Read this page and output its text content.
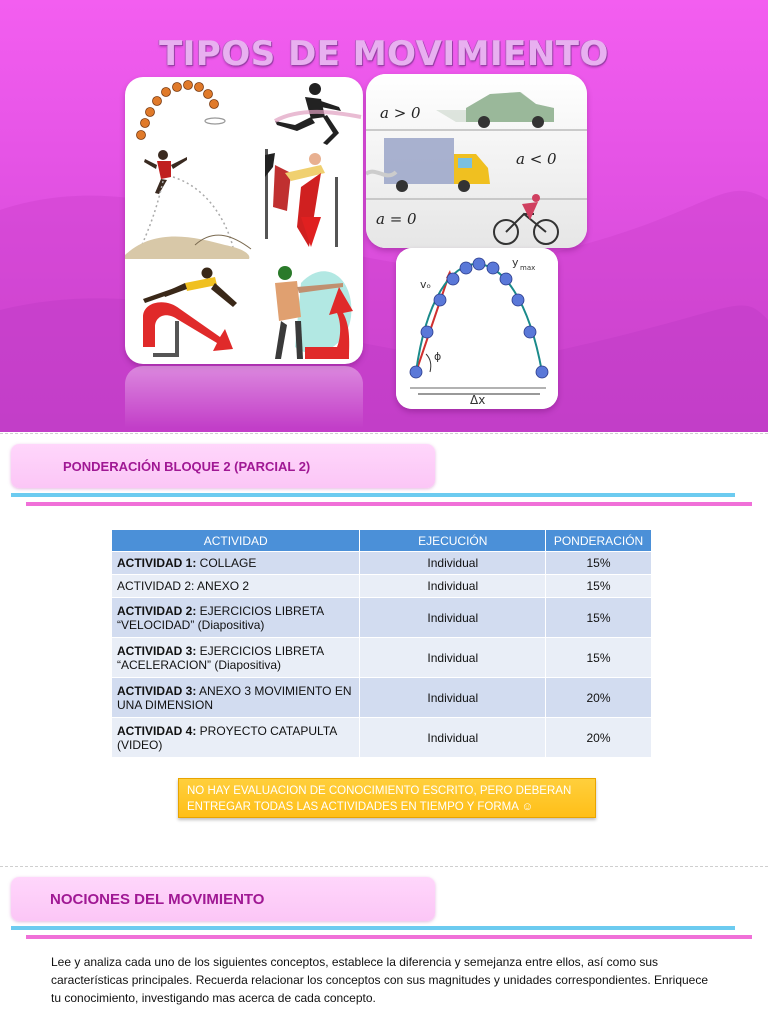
TIPOS DE MOVIMIENTO
a > 0
a < 0
a = 0
vₒ
y max
ϕ
Δx
PONDERACIÓN BLOQUE 2 (PARCIAL 2)
ACTIVIDAD	EJECUCIÓN	PONDERACIÓN
ACTIVIDAD 1: COLLAGE	Individual	15%
ACTIVIDAD 2: ANEXO 2	Individual	15%
ACTIVIDAD 2: EJERCICIOS LIBRETA “VELOCIDAD” (Diapositiva)	Individual	15%
ACTIVIDAD 3: EJERCICIOS LIBRETA “ACELERACION” (Diapositiva)	Individual	15%
ACTIVIDAD 3: ANEXO 3 MOVIMIENTO EN UNA DIMENSION	Individual	20%
ACTIVIDAD 4: PROYECTO CATAPULTA (VIDEO)	Individual	20%
NO HAY EVALUACION DE CONOCIMIENTO ESCRITO, PERO DEBERAN ENTREGAR TODAS LAS ACTIVIDADES EN TIEMPO Y FORMA ☺
NOCIONES DEL MOVIMIENTO

Lee y analiza cada uno de los siguientes conceptos, establece la diferencia y semejanza entre ellos, así como sus características principales. Recuerda relacionar los conceptos con sus magnitudes y unidades correspondientes. Enriquece tu conocimiento, investigando mas acerca de cada concepto.
